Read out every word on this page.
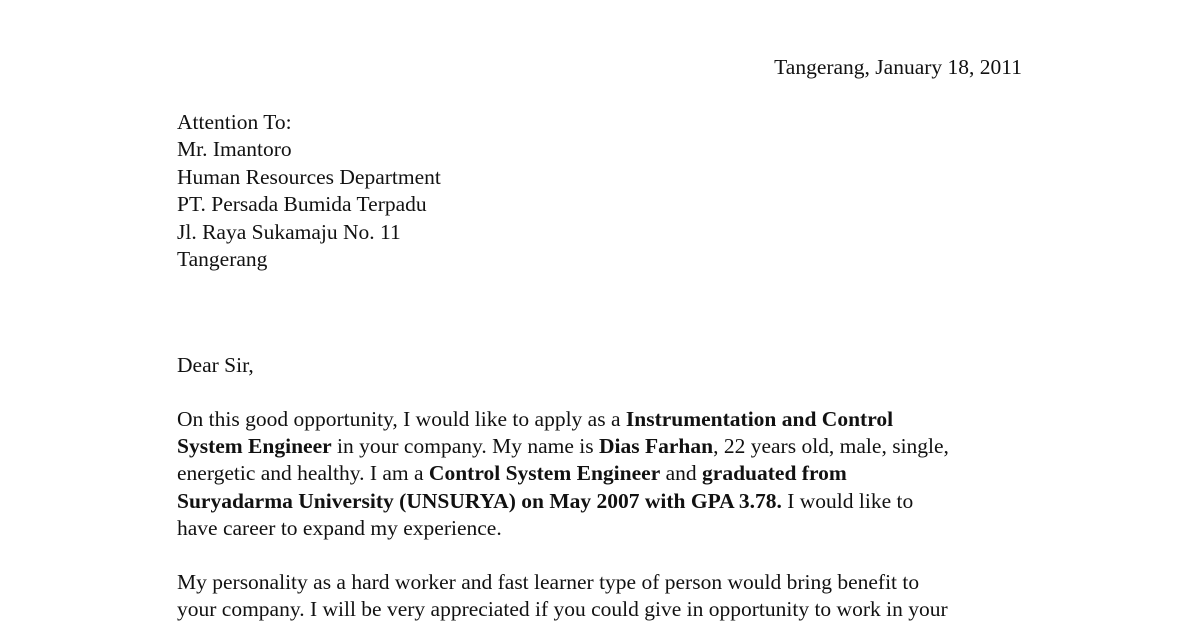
Tangerang, January 18, 2011
Attention To:
Mr. Imantoro
Human Resources Department
PT. Persada Bumida Terpadu
Jl. Raya Sukamaju No. 11
Tangerang
Dear Sir,
On this good opportunity, I would like to apply as a Instrumentation and Control
System Engineer in your company. My name is Dias Farhan, 22 years old, male, single,
energetic and healthy. I am a Control System Engineer and graduated from
Suryadarma University (UNSURYA) on May 2007 with GPA 3.78. I would like to
have career to expand my experience.
My personality as a hard worker and fast learner type of person would bring benefit to
your company. I will be very appreciated if you could give in opportunity to work in your
